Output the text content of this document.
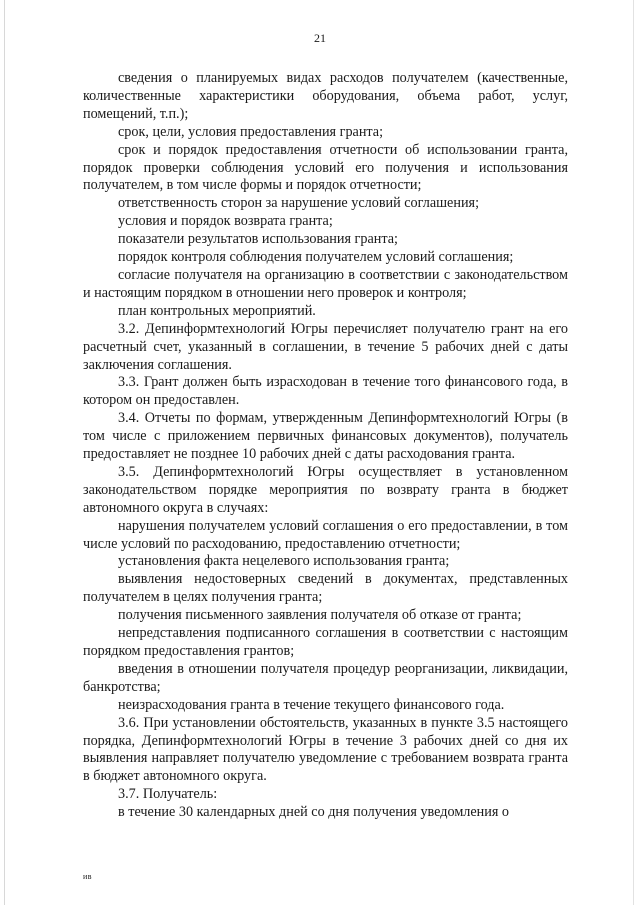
21

сведения о планируемых видах расходов получателем (качественные, количественные характеристики оборудования, объема работ, услуг, помещений, т.п.);

срок, цели, условия предоставления гранта;

срок и порядок предоставления отчетности об использовании гранта, порядок проверки соблюдения условий его получения и использования получателем, в том числе формы и порядок отчетности;

ответственность сторон за нарушение условий соглашения;

условия и порядок возврата гранта;

показатели результатов использования гранта;

порядок контроля соблюдения получателем условий соглашения;

согласие получателя на организацию в соответствии с законодательством и настоящим порядком в отношении него проверок и контроля;

план контрольных мероприятий.

3.2. Депинформтехнологий Югры перечисляет получателю грант на его расчетный счет, указанный в соглашении, в течение 5 рабочих дней с даты заключения соглашения.

3.3. Грант должен быть израсходован в течение того финансового года, в котором он предоставлен.

3.4. Отчеты по формам, утвержденным Депинформтехнологий Югры (в том числе с приложением первичных финансовых документов), получатель предоставляет не позднее 10 рабочих дней с даты расходования гранта.

3.5. Депинформтехнологий Югры осуществляет в установленном законодательством порядке мероприятия по возврату гранта в бюджет автономного округа в случаях:

нарушения получателем условий соглашения о его предоставлении, в том числе условий по расходованию, предоставлению отчетности;

установления факта нецелевого использования гранта;

выявления недостоверных сведений в документах, представленных получателем в целях получения гранта;

получения письменного заявления получателя об отказе от гранта;

непредставления подписанного соглашения в соответствии с настоящим порядком предоставления грантов;

введения в отношении получателя процедур реорганизации, ликвидации, банкротства;

неизрасходования гранта в течение текущего финансового года.

3.6. При установлении обстоятельств, указанных в пункте 3.5 настоящего порядка, Депинформтехнологий Югры в течение 3 рабочих дней со дня их выявления направляет получателю уведомление с требованием возврата гранта в бюджет автономного округа.

3.7. Получатель:

в течение 30 календарных дней со дня получения уведомления о

ив
